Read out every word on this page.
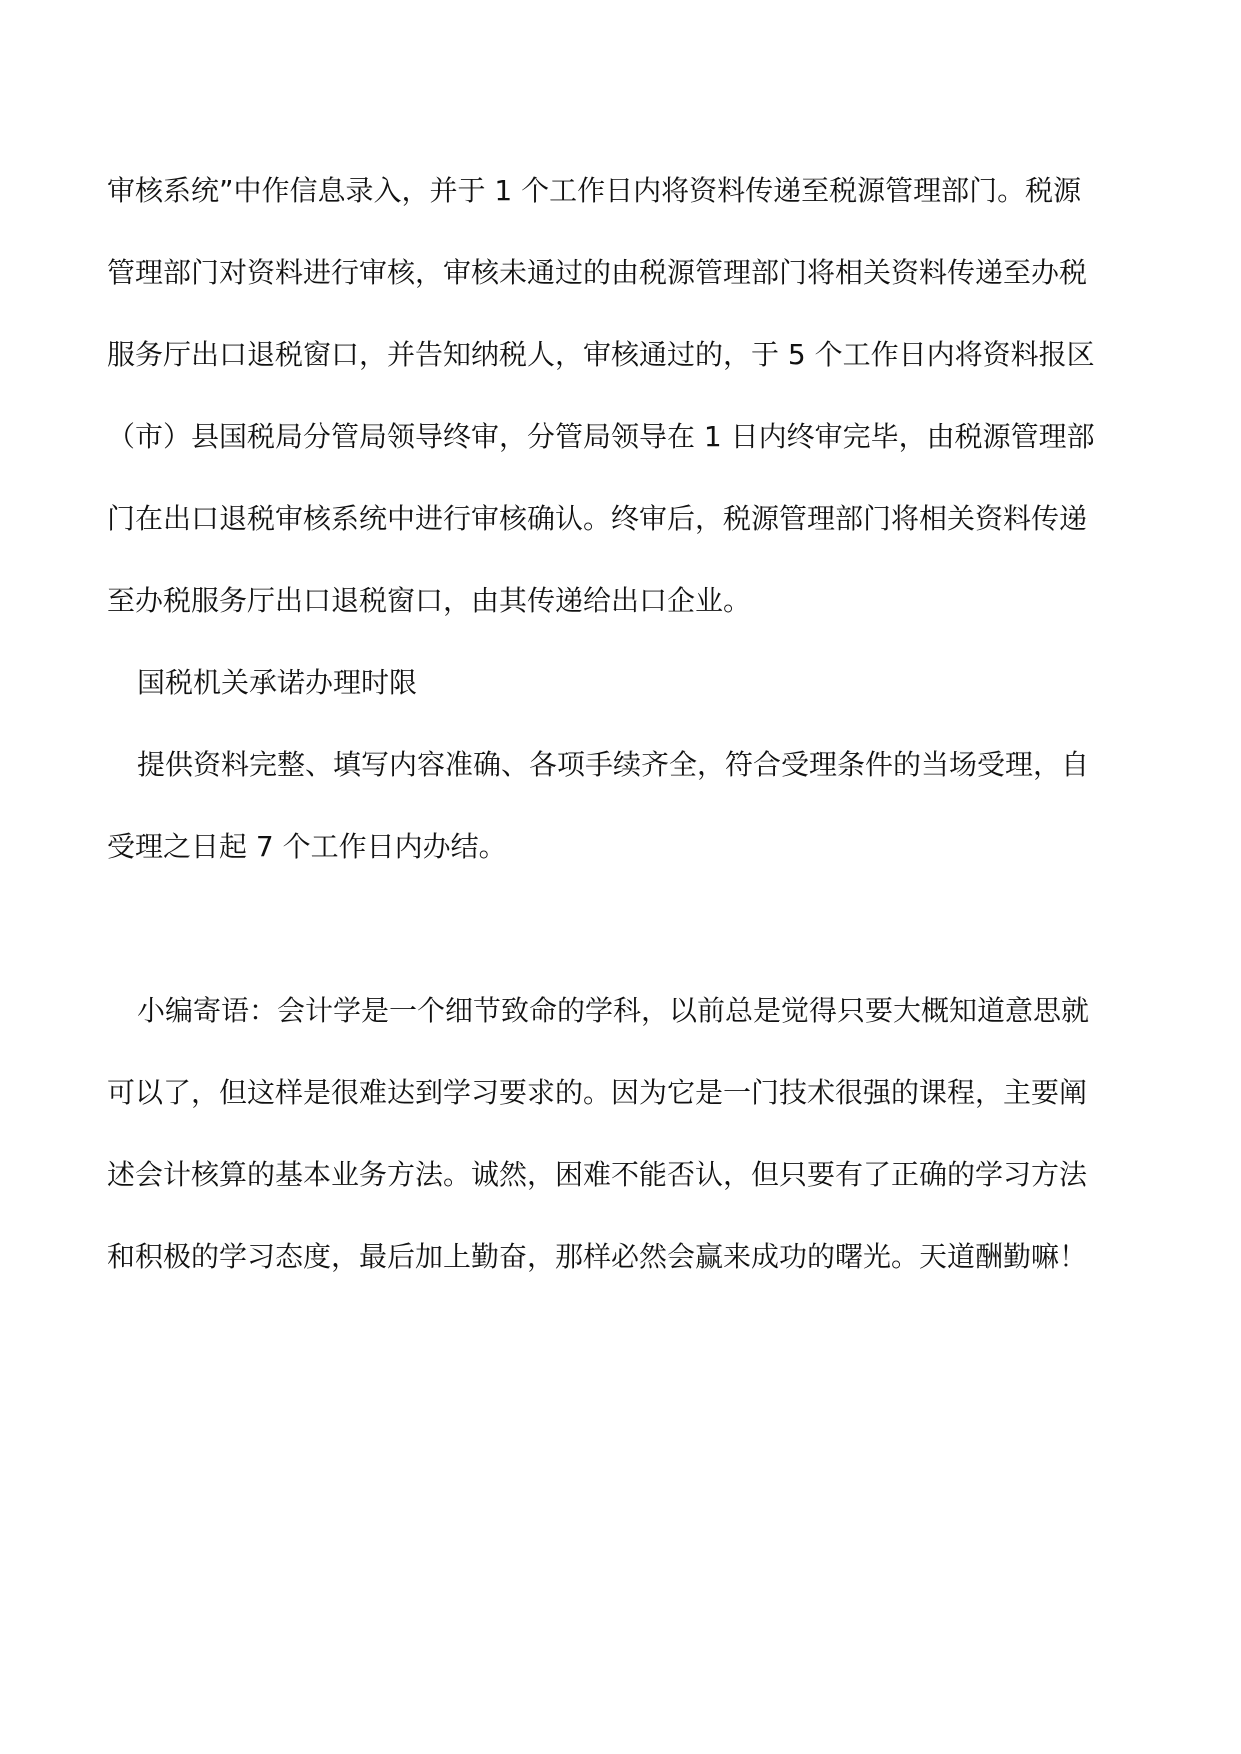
审核系统”中作信息录入，并于 1 个工作日内将资料传递至税源管理部门。税源
管理部门对资料进行审核，审核未通过的由税源管理部门将相关资料传递至办税
服务厅出口退税窗口，并告知纳税人，审核通过的，于 5 个工作日内将资料报区
（市）县国税局分管局领导终审，分管局领导在 1 日内终审完毕，由税源管理部
门在出口退税审核系统中进行审核确认。终审后，税源管理部门将相关资料传递
至办税服务厅出口退税窗口，由其传递给出口企业。
国税机关承诺办理时限
提供资料完整、填写内容准确、各项手续齐全，符合受理条件的当场受理，自
受理之日起 7 个工作日内办结。
小编寄语：会计学是一个细节致命的学科，以前总是觉得只要大概知道意思就
可以了，但这样是很难达到学习要求的。因为它是一门技术很强的课程，主要阐
述会计核算的基本业务方法。诚然，困难不能否认，但只要有了正确的学习方法
和积极的学习态度，最后加上勤奋，那样必然会赢来成功的曙光。天道酬勤嘛！
